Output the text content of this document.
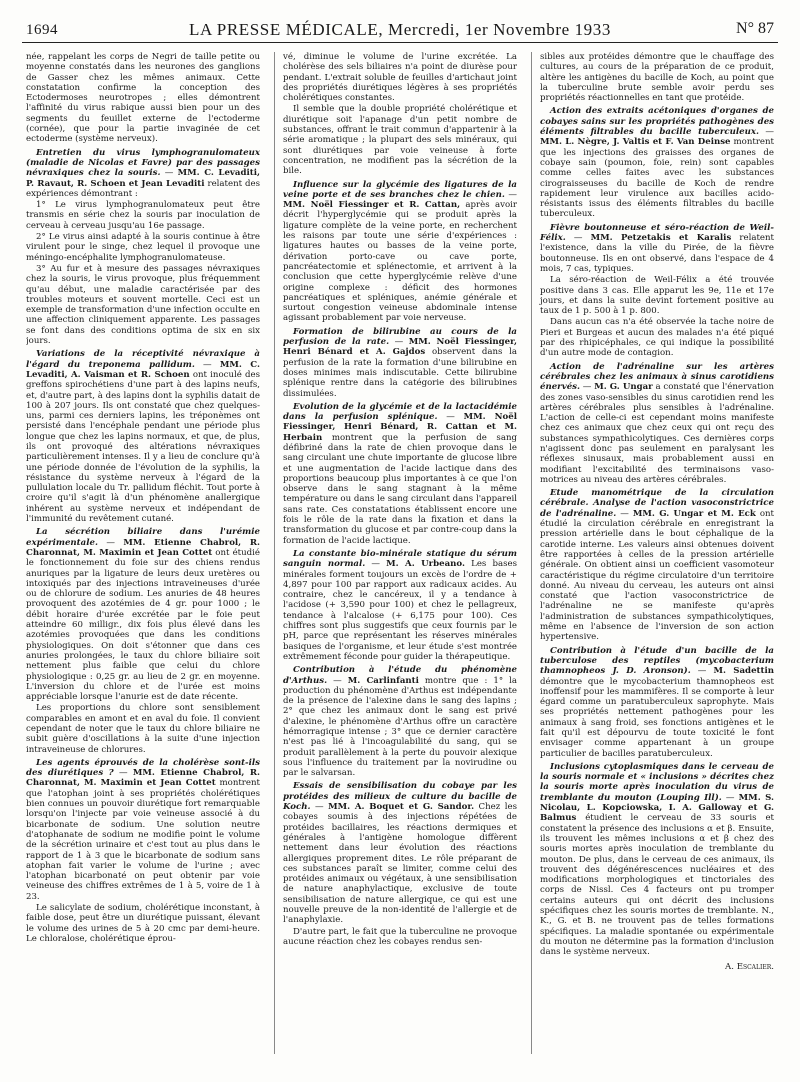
1694	LA PRESSE MÉDICALE, Mercredi, 1er Novembre 1933	N° 87

née, rappelant les corps de Negri de taille petite ou moyenne constatés dans les neurones des ganglions de Gasser chez les mêmes animaux. Cette constatation confirme la conception des Ectodermoses neurotropes ; elles démontrent l'affinité du virus rabique aussi bien pour un des segments du feuillet externe de l'ectoderme (cornée), que pour la partie invaginée de cet ectoderme (système nerveux).

Entretien du virus lymphogranulomateux (maladie de Nicolas et Favre) par des passages névraxiques chez la souris. — MM. C. Levaditi, P. Ravaut, R. Schoen et Jean Levaditi relatent des expériences démontrant :

1° Le virus lymphogranulomateux peut être transmis en série chez la souris par inoculation de cerveau à cerveau jusqu'au 16e passage.

2° Le virus ainsi adapté à la souris continue à être virulent pour le singe, chez lequel il provoque une méningo-encéphalite lymphogranulomateuse.

3° Au fur et à mesure des passages névraxiques chez la souris, le virus provoque, plus fréquemment qu'au début, une maladie caractérisée par des troubles moteurs et souvent mortelle. Ceci est un exemple de transformation d'une infection occulte en une affection cliniquement apparente. Les passages se font dans des conditions optima de six en six jours.

Variations de la réceptivité névraxique à l'égard du treponema pallidum. — MM. C. Levaditi, A. Vaisman et R. Schoen ont inoculé des greffons spirochétiens d'une part à des lapins neufs, et, d'autre part, à des lapins dont la syphilis datait de 100 à 207 jours. Ils ont constaté que chez quelques-uns, parmi ces derniers lapins, les tréponèmes ont persisté dans l'encéphale pendant une période plus longue que chez les lapins normaux, et que, de plus, ils ont provoqué des altérations névraxiques particulièrement intenses. Il y a lieu de conclure qu'à une période donnée de l'évolution de la syphilis, la résistance du système nerveux à l'égard de la pullulation locale du Tr. pallidum fléchit. Tout porte à croire qu'il s'agit là d'un phénomène anallergique inhérent au système nerveux et indépendant de l'immunité du revêtement cutané.

La sécrétion biliaire dans l'urémie expérimentale. — MM. Etienne Chabrol, R. Charonnat, M. Maximin et Jean Cottet ont étudié le fonctionnement du foie sur des chiens rendus anuriques par la ligature de leurs deux uretères ou intoxiqués par des injections intraveineuses d'urée ou de chlorure de sodium. Les anuries de 48 heures provoquent des azotémies de 4 gr. pour 1000 ; le débit horaire d'urée excrétée par le foie peut atteindre 60 milligr., dix fois plus élevé dans les azotémies provoquées que dans les conditions physiologiques. On doit s'étonner que dans ces anuries prolongées, le taux du chlore biliaire soit nettement plus faible que celui du chlore physiologique : 0,25 gr. au lieu de 2 gr. en moyenne. L'inversion du chlore et de l'urée est moins appréciable lorsque l'anurie est de date récente.

Les proportions du chlore sont sensiblement comparables en amont et en aval du foie. Il convient cependant de noter que le taux du chlore biliaire ne subit guère d'oscillations à la suite d'une injection intraveineuse de chlorures.

Les agents éprouvés de la cholérèse sont-ils des diurétiques ? — MM. Etienne Chabrol, R. Charonnat, M. Maximin et Jean Cottet montrent que l'atophan joint à ses propriétés cholérétiques bien connues un pouvoir diurétique fort remarquable lorsqu'on l'injecte par voie veineuse associé à du bicarbonate de sodium. Une solution neutre d'atophanate de sodium ne modifie point le volume de la sécrétion urinaire et c'est tout au plus dans le rapport de 1 à 3 que le bicarbonate de sodium sans atophan fait varier le volume de l'urine ; avec l'atophan bicarbonaté on peut obtenir par voie veineuse des chiffres extrêmes de 1 à 5, voire de 1 à 23.

Le salicylate de sodium, cholérétique inconstant, à faible dose, peut être un diurétique puissant, élevant le volume des urines de 5 à 20 cmc par demi-heure. Le chloralose, cholérétique éprou-

vé, diminue le volume de l'urine excrétée. La cholérèse des sels biliaires n'a point de diurèse pour pendant. L'extrait soluble de feuilles d'artichaut joint des propriétés diurétiques légères à ses propriétés cholérétiques constantes.

Il semble que la double propriété cholérétique et diurétique soit l'apanage d'un petit nombre de substances, offrant le trait commun d'appartenir à la série aromatique ; la plupart des sels minéraux, qui sont diurétiques par voie veineuse à forte concentration, ne modifient pas la sécrétion de la bile.

Influence sur la glycémie des ligatures de la veine porte et de ses branches chez le chien. — MM. Noël Fiessinger et R. Cattan, après avoir décrit l'hyperglycémie qui se produit après la ligature complète de la veine porte, en recherchent les raisons par toute une série d'expériences : ligatures hautes ou basses de la veine porte, dérivation porto-cave ou cave porte, pancréatectomie et splénectomie, et arrivent à la conclusion que cette hyperglycémie relève d'une origine complexe : déficit des hormones pancréatiques et spléniques, anémie générale et surtout congestion veineuse abdominale intense agissant probablement par voie nerveuse.

Formation de bilirubine au cours de la perfusion de la rate. — MM. Noël Fiessinger, Henri Bénard et A. Gajdos observent dans la perfusion de la rate la formation d'une bilirubine en doses minimes mais indiscutable. Cette bilirubine splénique rentre dans la catégorie des bilirubines dissimulées.

Evolution de la glycémie et de la lactacidémie dans la perfusion splénique. — MM. Noël Fiessinger, Henri Bénard, R. Cattan et M. Herbain montrent que la perfusion de sang défibriné dans la rate de chien provoque dans le sang circulant une chute importante de glucose libre et une augmentation de l'acide lactique dans des proportions beaucoup plus importantes à ce que l'on observe dans le sang stagnant à la même température ou dans le sang circulant dans l'appareil sans rate. Ces constatations établissent encore une fois le rôle de la rate dans la fixation et dans la transformation du glucose et par contre-coup dans la formation de l'acide lactique.

La constante bio-minérale statique du sérum sanguin normal. — M. A. Urbeano. Les bases minérales forment toujours un excès de l'ordre de + 4,897 pour 100 par rapport aux radicaux acides. Au contraire, chez le cancéreux, il y a tendance à l'acidose (+ 3,590 pour 100) et chez le pellagreux, tendance à l'alcalose (+ 6,175 pour 100). Ces chiffres sont plus suggestifs que ceux fournis par le pH, parce que représentant les réserves minérales basiques de l'organisme, et leur étude s'est montrée extrêmement féconde pour guider la thérapeutique.

Contribution à l'étude du phénomène d'Arthus. — M. Carlinfanti montre que : 1° la production du phénomène d'Arthus est indépendante de la présence de l'alexine dans le sang des lapins ; 2° que chez les animaux dont le sang est privé d'alexine, le phénomène d'Arthus offre un caractère hémorragique intense ; 3° que ce dernier caractère n'est pas lié à l'incoagulabilité du sang, qui se produit parallèlement à la perte du pouvoir alexique sous l'influence du traitement par la novirudine ou par le salvarsan.

Essais de sensibilisation du cobaye par les protéides des milieux de culture du bacille de Koch. — MM. A. Boquet et G. Sandor. Chez les cobayes soumis à des injections répétées de protéides bacillaires, les réactions dermiques et générales à l'antigène homologue diffèrent nettement dans leur évolution des réactions allergiques proprement dites. Le rôle préparant de ces substances paraît se limiter, comme celui des protéides animaux ou végétaux, à une sensibilisation de nature anaphylactique, exclusive de toute sensibilisation de nature allergique, ce qui est une nouvelle preuve de la non-identité de l'allergie et de l'anaphylaxie.

D'autre part, le fait que la tuberculine ne provoque aucune réaction chez les cobayes rendus sen-

sibles aux protéides démontre que le chauffage des cultures, au cours de la préparation de ce produit, altère les antigènes du bacille de Koch, au point que la tuberculine brute semble avoir perdu ses propriétés réactionnelles en tant que protéide.

Action des extraits acétoniques d'organes de cobayes sains sur les propriétés pathogènes des éléments filtrables du bacille tuberculeux. — MM. L. Nègre, J. Valtis et F. Van Deinse montrent que les injections des graisses des organes de cobaye sain (poumon, foie, rein) sont capables comme celles faites avec les substances cirograisseuses du bacille de Koch de rendre rapidement leur virulence aux bacilles acido-résistants issus des éléments filtrables du bacille tuberculeux.

Fièvre boutonneuse et séro-réaction de Weil-Félix. — MM. Petzetakis et Karalis relatent l'existence, dans la ville du Pirée, de la fièvre boutonneuse. Ils en ont observé, dans l'espace de 4 mois, 7 cas, typiques.

La séro-réaction de Weil-Félix a été trouvée positive dans 3 cas. Elle apparut les 9e, 11e et 17e jours, et dans la suite devint fortement positive au taux de 1 p. 500 à 1 p. 800.

Dans aucun cas n'a été observée la tache noire de Pieri et Burgeas et aucun des malades n'a été piqué par des rhipicéphales, ce qui indique la possibilité d'un autre mode de contagion.

Action de l'adrénaline sur les artères cérébrales chez les animaux à sinus carotidiens énervés. — M. G. Ungar a constaté que l'énervation des zones vaso-sensibles du sinus carotidien rend les artères cérébrales plus sensibles à l'adrénaline. L'action de celle-ci est cependant moins manifeste chez ces animaux que chez ceux qui ont reçu des substances sympathicolytiques. Ces dernières corps n'agissent donc pas seulement en paralysant les réflexes sinusaux, mais probablement aussi en modifiant l'excitabilité des terminaisons vaso-motrices au niveau des artères cérébrales.

Etude manométrique de la circulation cérébrale. Analyse de l'action vasoconstrictrice de l'adrénaline. — MM. G. Ungar et M. Eck ont étudié la circulation cérébrale en enregistrant la pression artérielle dans le bout céphalique de la carotide interne. Les valeurs ainsi obtenues doivent être rapportées à celles de la pression artérielle générale. On obtient ainsi un coefficient vasomoteur caractéristique du régime circulatoire d'un territoire donné. Au niveau du cerveau, les auteurs ont ainsi constaté que l'action vasoconstrictrice de l'adrénaline ne se manifeste qu'après l'administration de substances sympathicolytiques, même en l'absence de l'inversion de son action hypertensive.

Contribution à l'étude d'un bacille de la tuberculose des reptiles (mycobacterium thamnopheos J. D. Aronson). — M. Sadettin démontre que le mycobacterium thamnopheos est inoffensif pour les mammifères. Il se comporte à leur égard comme un paratuberculeux saprophyte. Mais ses propriétés nettement pathogènes pour les animaux à sang froid, ses fonctions antigènes et le fait qu'il est dépourvu de toute toxicité le font envisager comme appartenant à un groupe particulier de bacilles paratuberculeux.

Inclusions cytoplasmiques dans le cerveau de la souris normale et « inclusions » décrites chez la souris morte après inoculation du virus de tremblante du mouton (Louping Ill). — MM. S. Nicolau, L. Kopciowska, I. A. Galloway et G. Balmus étudient le cerveau de 33 souris et constatent la présence des inclusions α et β. Ensuite, ils trouvent les mêmes inclusions α et β chez des souris mortes après inoculation de tremblante du mouton. De plus, dans le cerveau de ces animaux, ils trouvent des dégénérescences nucléaires et des modifications morphologiques et tinctoriales des corps de Nissl. Ces 4 facteurs ont pu tromper certains auteurs qui ont décrit des inclusions spécifiques chez les souris mortes de tremblante. N., K., G. et B. ne trouvent pas de telles formations spécifiques. La maladie spontanée ou expérimentale du mouton ne détermine pas la formation d'inclusion dans le système nerveux.

A. Escalier.
